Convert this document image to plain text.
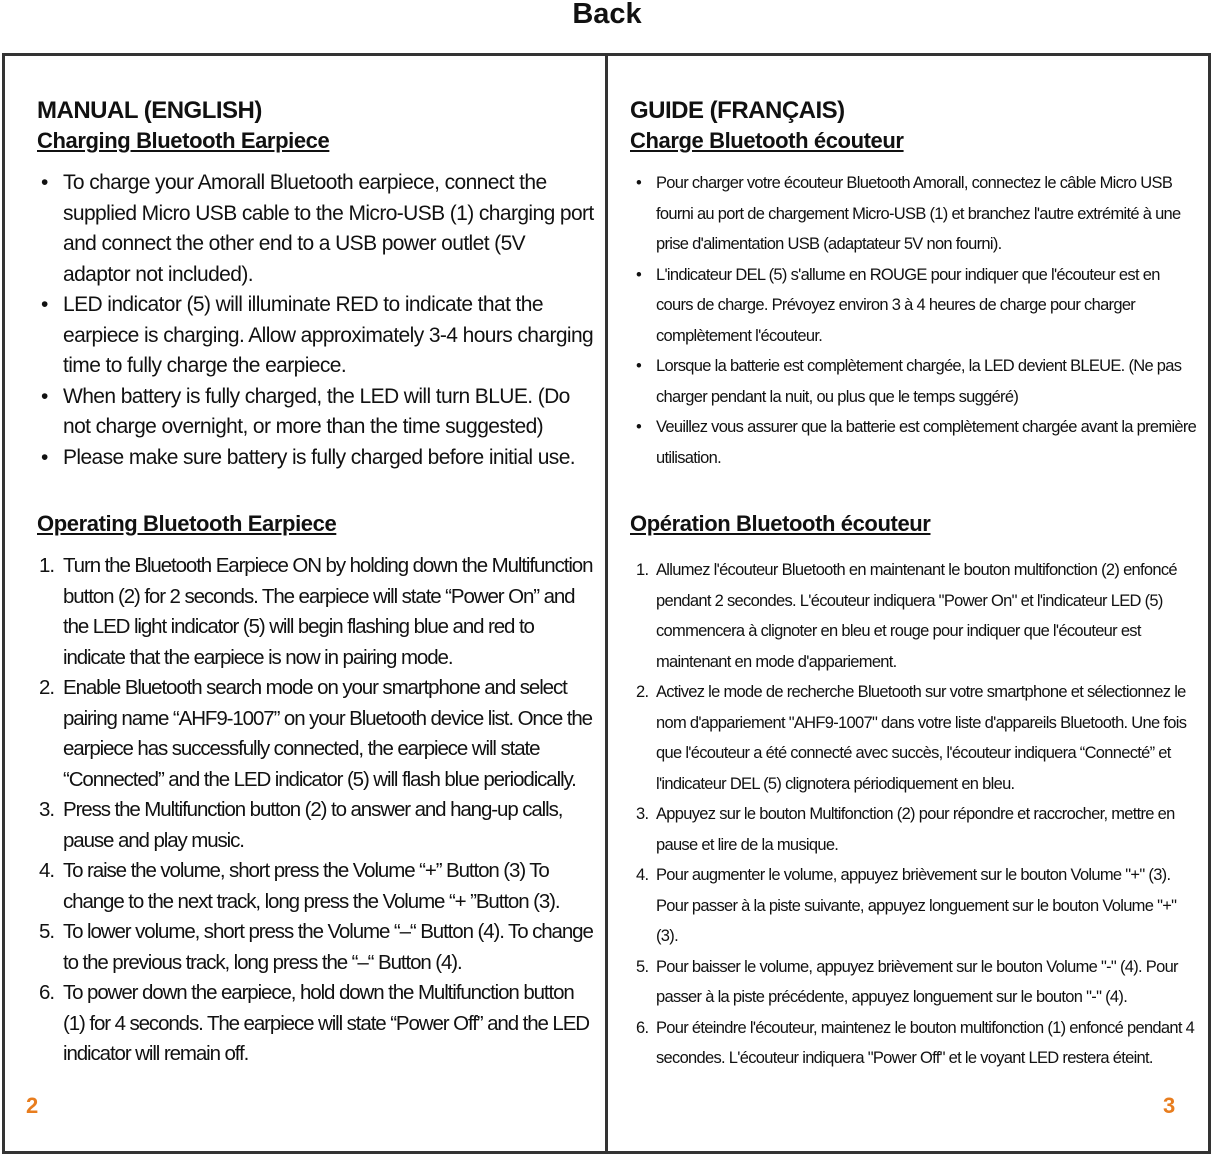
Back
MANUAL (ENGLISH)
Charging Bluetooth Earpiece
• To charge your Amorall Bluetooth earpiece, connect the supplied Micro USB cable to the Micro-USB (1) charging port and connect the other end to a USB power outlet (5V adaptor not included).
• LED indicator (5) will illuminate RED to indicate that the earpiece is charging. Allow approximately 3-4 hours charging time to fully charge the earpiece.
• When battery is fully charged, the LED will turn BLUE. (Do not charge overnight, or more than the time suggested)
• Please make sure battery is fully charged before initial use.
Operating Bluetooth Earpiece
Turn the Bluetooth Earpiece ON by holding down the Multifunction button (2) for 2 seconds. The earpiece will state “Power On” and the LED light indicator (5) will begin flashing blue and red to indicate that the earpiece is now in pairing mode.
Enable Bluetooth search mode on your smartphone and select pairing name “AHF9-1007” on your Bluetooth device list. Once the earpiece has successfully connected, the earpiece will state “Connected” and the LED indicator (5) will flash blue periodically.
Press the Multifunction button (2) to answer and hang-up calls, pause and play music.
To raise the volume, short press the Volume “+” Button (3) To change to the next track, long press the Volume “+ ”Button (3).
To lower volume, short press the Volume “–“ Button (4). To change to the previous track, long press the “–“ Button (4).
To power down the earpiece, hold down the Multifunction button (1) for 4 seconds. The earpiece will state “Power Off” and the LED indicator will remain off.
GUIDE (FRANÇAIS)
Charge Bluetooth écouteur
• Pour charger votre écouteur Bluetooth Amorall, connectez le câble Micro USB fourni au port de chargement Micro-USB (1) et branchez l'autre extrémité à une prise d'alimentation USB (adaptateur 5V non fourni).
• L'indicateur DEL (5) s'allume en ROUGE pour indiquer que l'écouteur est en cours de charge. Prévoyez environ 3 à 4 heures de charge pour charger complètement l'écouteur.
• Lorsque la batterie est complètement chargée, la LED devient BLEUE. (Ne pas charger pendant la nuit, ou plus que le temps suggéré)
• Veuillez vous assurer que la batterie est complètement chargée avant la première utilisation.
Opération Bluetooth écouteur
Allumez l'écouteur Bluetooth en maintenant le bouton multifonction (2) enfoncé pendant 2 secondes. L'écouteur indiquera "Power On" et l'indicateur LED (5) commencera à clignoter en bleu et rouge pour indiquer que l'écouteur est maintenant en mode d'appariement.
Activez le mode de recherche Bluetooth sur votre smartphone et sélectionnez le nom d'appariement "AHF9-1007" dans votre liste d'appareils Bluetooth. Une fois que l'écouteur a été connecté avec succès, l'écouteur indiquera “Connecté” et l'indicateur DEL (5) clignotera périodiquement en bleu.
Appuyez sur le bouton Multifonction (2) pour répondre et raccrocher, mettre en pause et lire de la musique.
Pour augmenter le volume, appuyez brièvement sur le bouton Volume "+" (3). Pour passer à la piste suivante, appuyez longuement sur le bouton Volume "+" (3).
Pour baisser le volume, appuyez brièvement sur le bouton Volume "-" (4). Pour passer à la piste précédente, appuyez longuement sur le bouton "-" (4).
Pour éteindre l'écouteur, maintenez le bouton multifonction (1) enfoncé pendant 4 secondes. L'écouteur indiquera "Power Off" et le voyant LED restera éteint.
2	3
